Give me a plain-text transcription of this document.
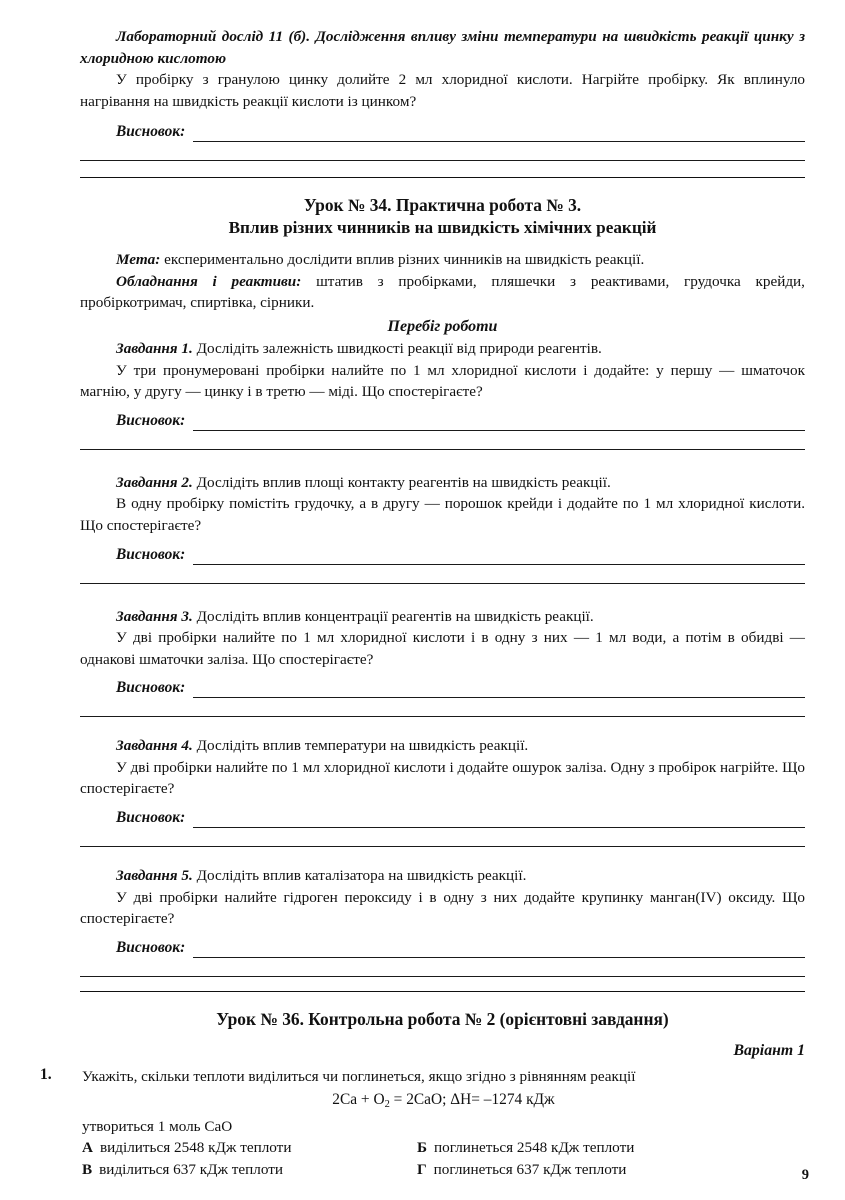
Лабораторний дослід 11 (б). Дослідження впливу зміни температури на швидкість реакції цинку з хлоридною кислотою

У пробірку з гранулою цинку долийте 2 мл хлоридної кислоти. Нагрійте пробірку. Як вплинуло нагрівання на швидкість реакції кислоти із цинком?

Висновок:

Урок № 34. Практична робота № 3.

Вплив різних чинників на швидкість хімічних реакцій

Мета: експериментально дослідити вплив різних чинників на швидкість реакції.

Обладнання і реактиви: штатив з пробірками, пляшечки з реактивами, грудочка крейди, пробіркотримач, спиртівка, сірники.

Перебіг роботи

Завдання 1. Дослідіть залежність швидкості реакції від природи реагентів.

У три пронумеровані пробірки налийте по 1 мл хлоридної кислоти і додайте: у першу — шматочок магнію, у другу — цинку і в третю — міді. Що спостерігаєте?

Висновок:

Завдання 2. Дослідіть вплив площі контакту реагентів на швидкість реакції.

В одну пробірку помістіть грудочку, а в другу — порошок крейди і додайте по 1 мл хлоридної кислоти. Що спостерігаєте?

Висновок:

Завдання 3. Дослідіть вплив концентрації реагентів на швидкість реакції.

У дві пробірки налийте по 1 мл хлоридної кислоти і в одну з них — 1 мл води, а потім в обидві — однакові шматочки заліза. Що спостерігаєте?

Висновок:

Завдання 4. Дослідіть вплив температури на швидкість реакції.

У дві пробірки налийте по 1 мл хлоридної кислоти і додайте ошурок заліза. Одну з пробірок нагрійте. Що спостерігаєте?

Висновок:

Завдання 5. Дослідіть вплив каталізатора на швидкість реакції.

У дві пробірки налийте гідроген пероксиду і в одну з них додайте крупинку манган(IV) оксиду. Що спостерігаєте?

Висновок:

Урок № 36. Контрольна робота № 2 (орієнтовні завдання)

Варіант 1

1.	Укажіть, скільки теплоти виділиться чи поглинеться, якщо згідно з рівнянням реакції

$2Ca + O_2 = 2CaO$; ΔH= –1274 кДж

утвориться 1 моль CaO

А виділиться 2548 кДж теплоти	Б поглинеться 2548 кДж теплоти
В виділиться 637 кДж теплоти	Г поглинеться 637 кДж теплоти	9
